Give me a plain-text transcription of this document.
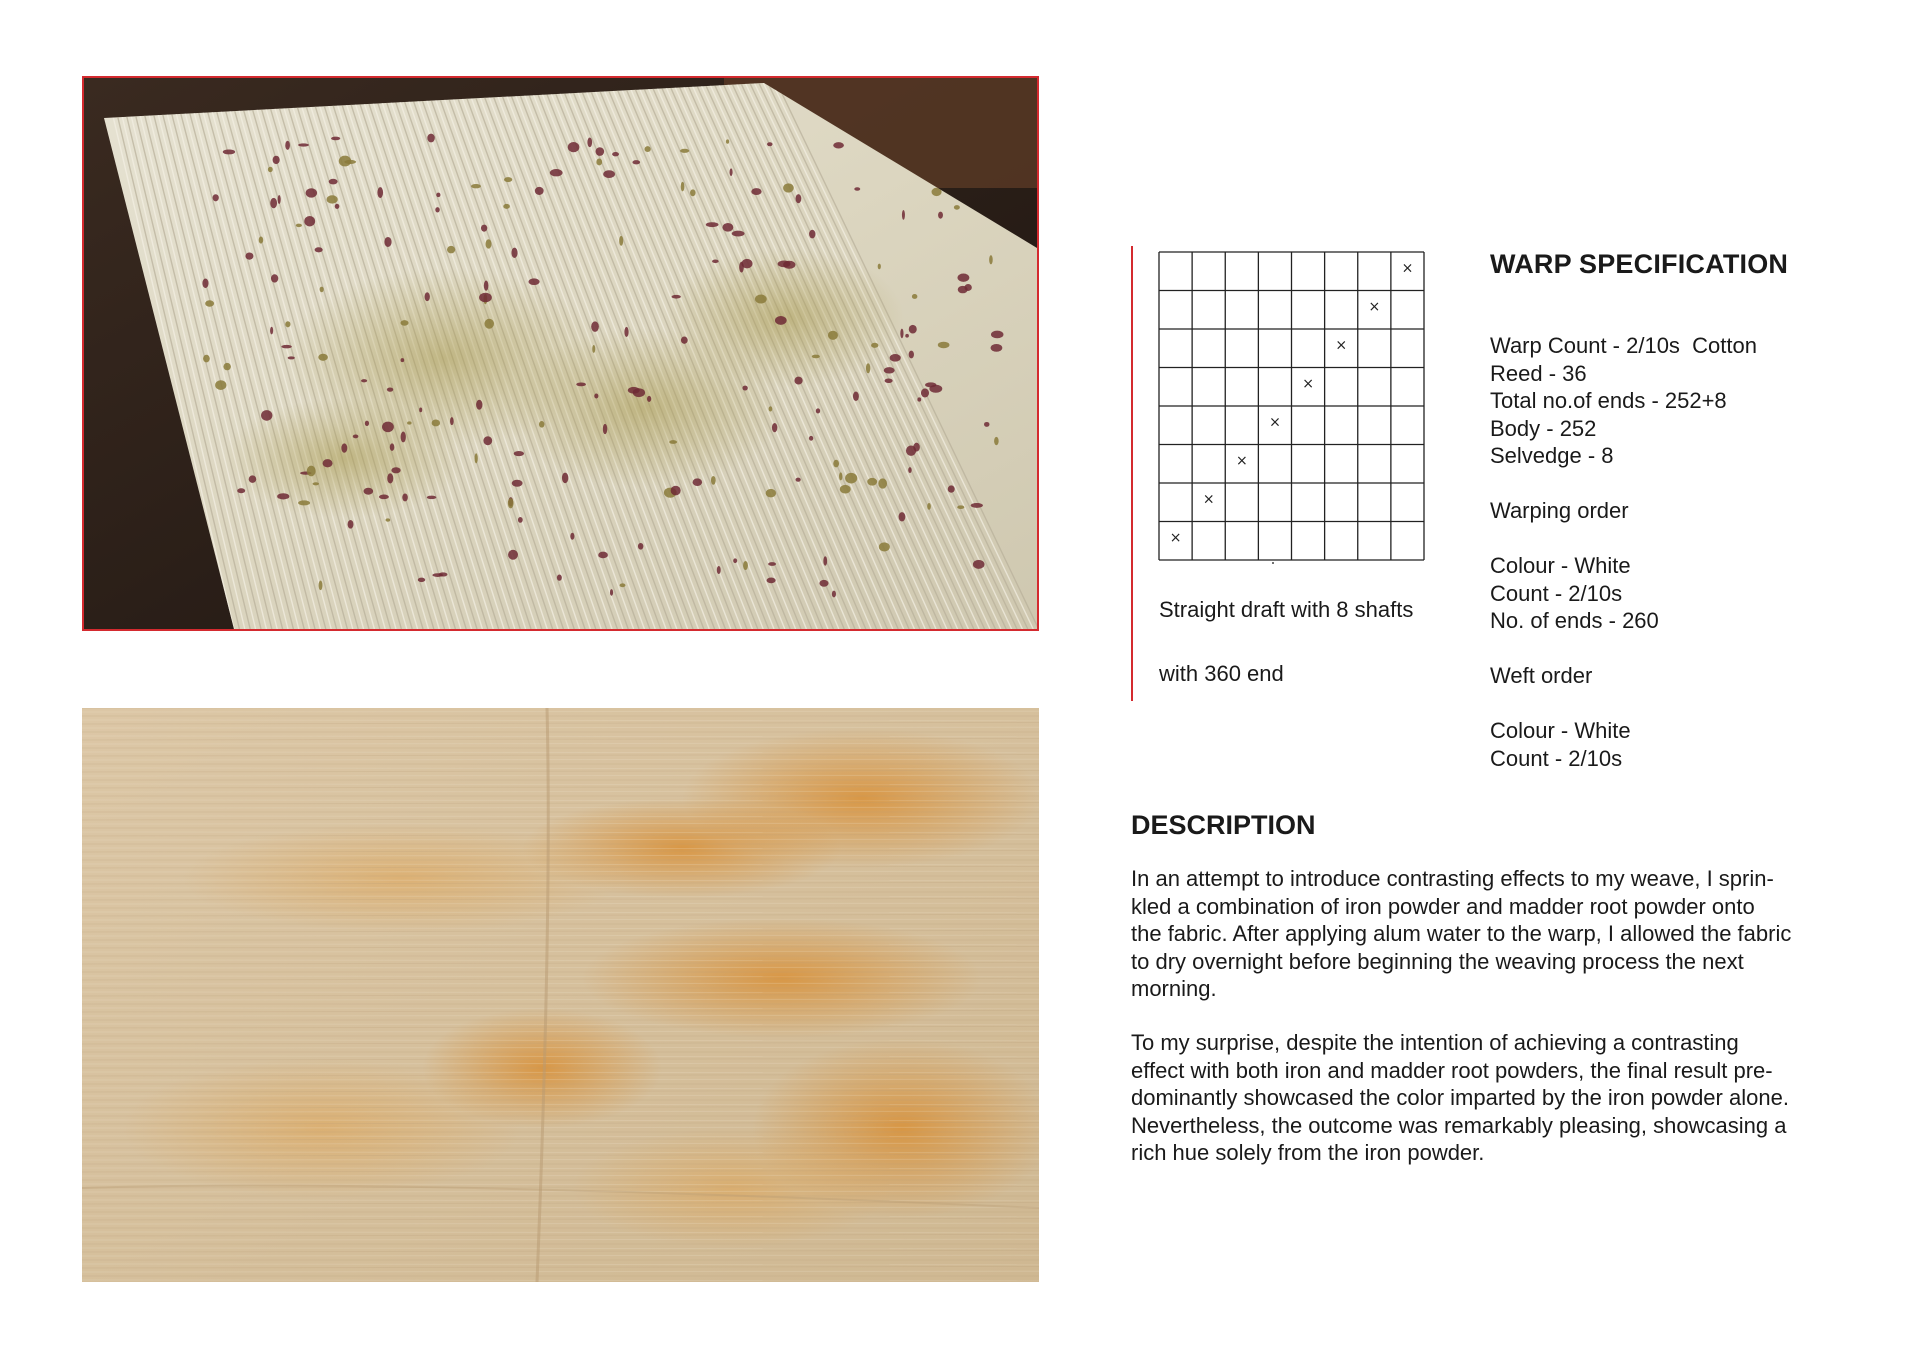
×
×
×
×
×
×
×
×
Straight draft with 8 shafts
with 360 end
WARP SPECIFICATION
Warp Count - 2/10s  Cotton
Reed - 36
Total no.of ends - 252+8
Body - 252
Selvedge - 8
Warping order
Colour - White
Count - 2/10s
No. of ends - 260
Weft order
Colour - White
Count - 2/10s
DESCRIPTION

In an attempt to introduce contrasting effects to my weave, I sprin-
kled a combination of iron powder and madder root powder onto
the fabric. After applying alum water to the warp, I allowed the fabric
to dry overnight before beginning the weaving process the next
morning.

To my surprise, despite the intention of achieving a contrasting
effect with both iron and madder root powders, the final result pre-
dominantly showcased the color imparted by the iron powder alone.
Nevertheless, the outcome was remarkably pleasing, showcasing a
rich hue solely from the iron powder.
